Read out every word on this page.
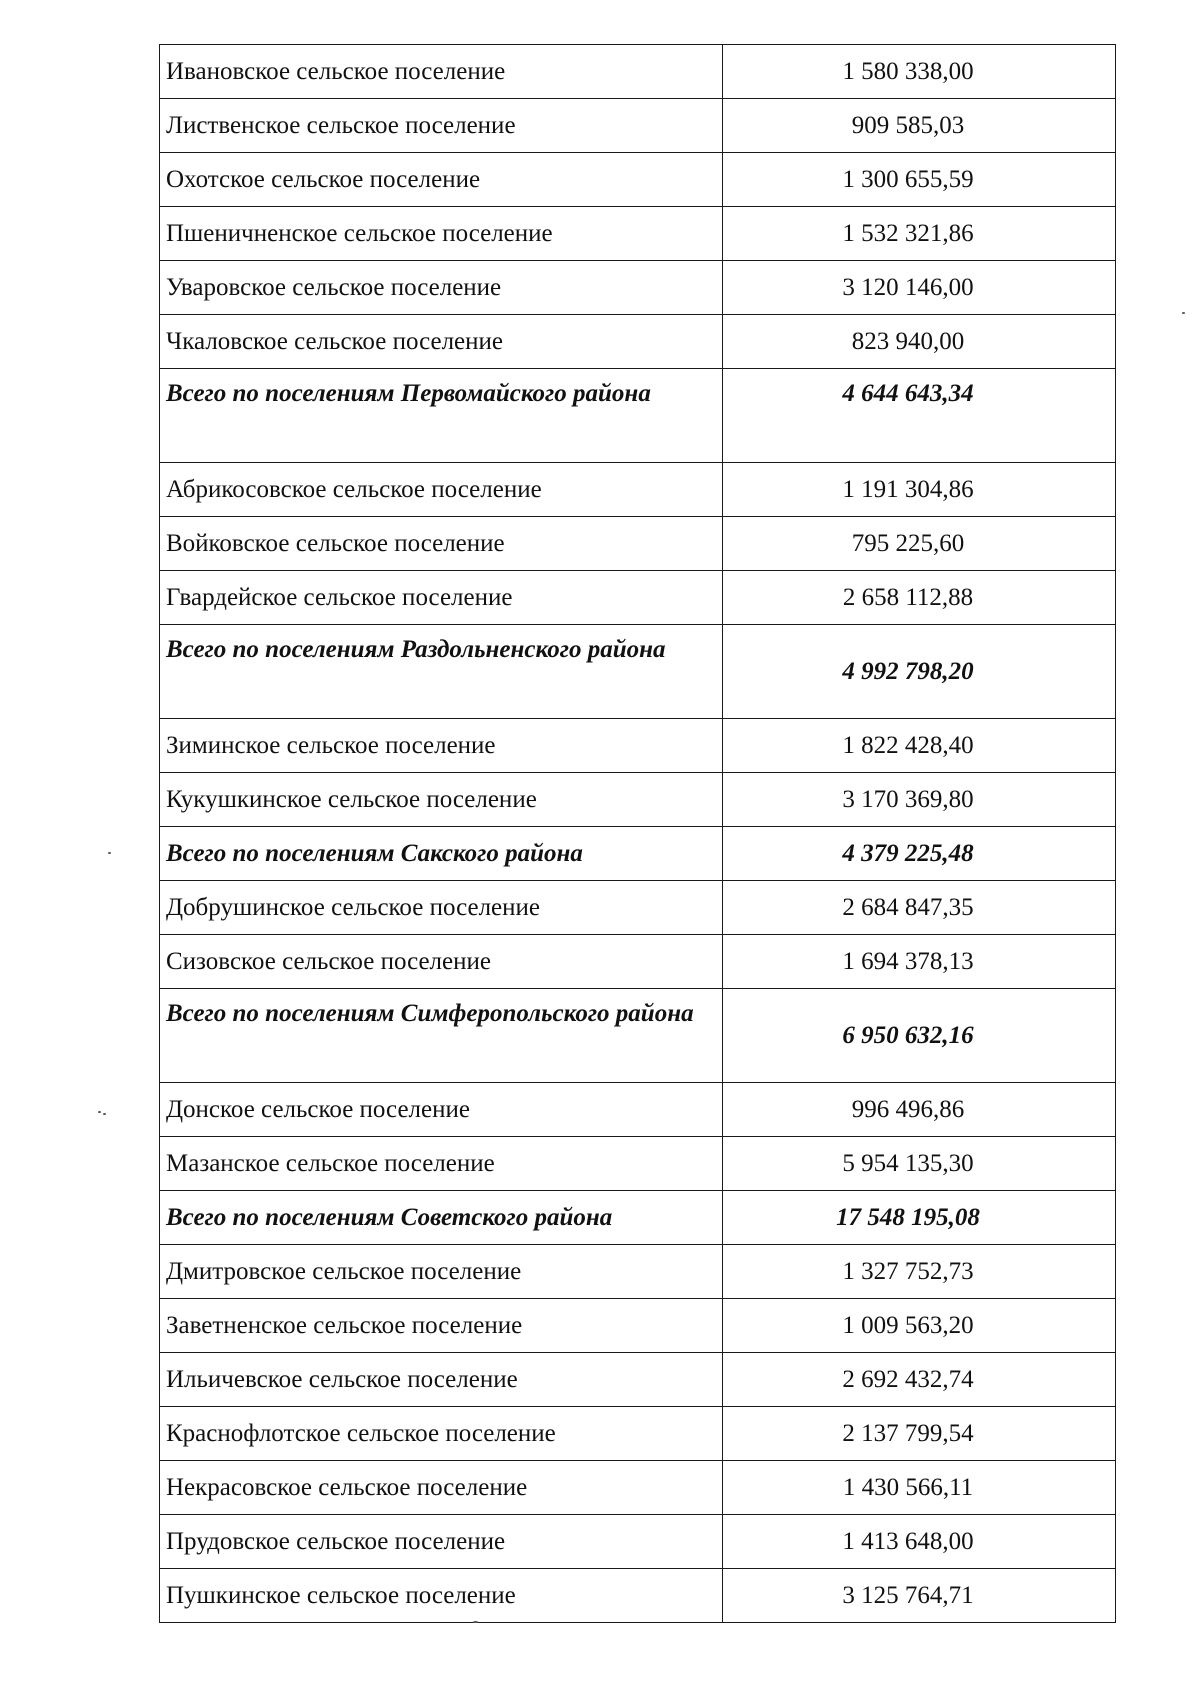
Ивановское сельское поселение	1 580 338,00
Лиственское сельское поселение	909 585,03
Охотское сельское поселение	1 300 655,59
Пшеничненское сельское поселение	1 532 321,86
Уваровское сельское поселение	3 120 146,00
Чкаловское сельское поселение	823 940,00
Всего по поселениям Первомайского района	4 644 643,34
Абрикосовское сельское поселение	1 191 304,86
Войковское сельское поселение	795 225,60
Гвардейское сельское поселение	2 658 112,88
Всего по поселениям Раздольненского района	4 992 798,20
Зиминское сельское поселение	1 822 428,40
Кукушкинское сельское поселение	3 170 369,80
Всего по поселениям Сакского района	4 379 225,48
Добрушинское сельское поселение	2 684 847,35
Сизовское сельское поселение	1 694 378,13
Всего по поселениям Симферопольского района	6 950 632,16
Донское сельское поселение	996 496,86
Мазанское сельское поселение	5 954 135,30
Всего по поселениям Советского района	17 548 195,08
Дмитровское сельское поселение	1 327 752,73
Заветненское сельское поселение	1 009 563,20
Ильичевское сельское поселение	2 692 432,74
Краснофлотское сельское поселение	2 137 799,54
Некрасовское сельское поселение	1 430 566,11
Прудовское сельское поселение	1 413 648,00
Пушкинское сельское поселение	3 125 764,71
